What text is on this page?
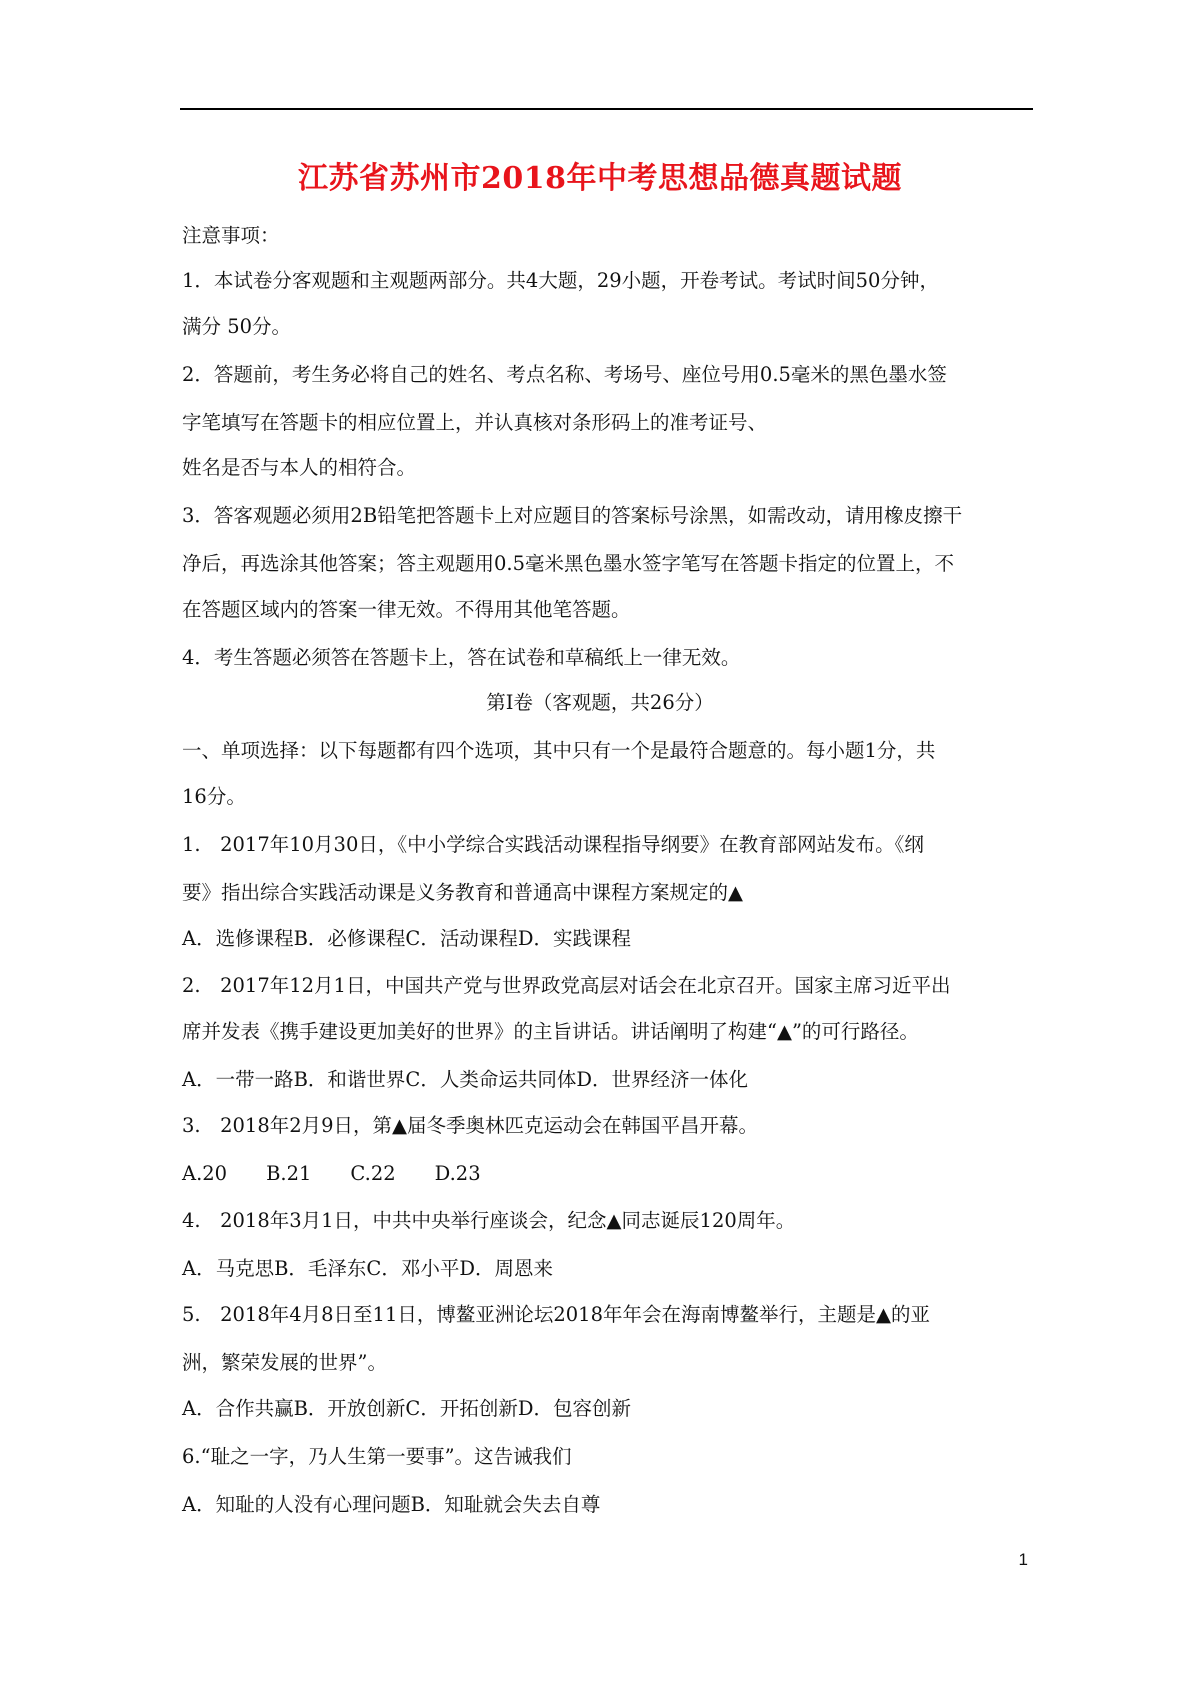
江苏省苏州市2018年中考思想品德真题试题
注意事项：
1．本试卷分客观题和主观题两部分。共4大题，29小题，开卷考试。考试时间50分钟，
满分 50分。
2．答题前，考生务必将自己的姓名、考点名称、考场号、座位号用0.5毫米的黑色墨水签
字笔填写在答题卡的相应位置上，并认真核对条形码上的准考证号、
姓名是否与本人的相符合。
3．答客观题必须用2B铅笔把答题卡上对应题目的答案标号涂黑，如需改动，请用橡皮擦干
净后，再选涂其他答案；答主观题用0.5毫米黑色墨水签字笔写在答题卡指定的位置上，不
在答题区域内的答案一律无效。不得用其他笔答题。
4．考生答题必须答在答题卡上，答在试卷和草稿纸上一律无效。
第Ⅰ卷（客观题，共26分）
一、单项选择：以下每题都有四个选项，其中只有一个是最符合题意的。每小题1分，共
16分。
1.　2017年10月30日，《中小学综合实践活动课程指导纲要》在教育部网站发布。《纲
要》指出综合实践活动课是义务教育和普通高中课程方案规定的▲
A．选修课程B．必修课程C．活动课程D．实践课程
2.　2017年12月1日，中国共产党与世界政党高层对话会在北京召开。国家主席习近平出
席并发表《携手建设更加美好的世界》的主旨讲话。讲话阐明了构建“▲”的可行路径。
A．一带一路B．和谐世界C．人类命运共同体D．世界经济一体化
3.　2018年2月9日，第▲届冬季奥林匹克运动会在韩国平昌开幕。
A.20　　B.21　　C.22　　D.23
4.　2018年3月1日，中共中央举行座谈会，纪念▲同志诞辰120周年。
A．马克思B．毛泽东C．邓小平D．周恩来
5.　2018年4月8日至11日，博鳌亚洲论坛2018年年会在海南博鳌举行，主题是▲的亚
洲，繁荣发展的世界”。
A．合作共赢B．开放创新C．开拓创新D．包容创新
6.“耻之一字，乃人生第一要事”。这告诫我们
A．知耻的人没有心理问题B．知耻就会失去自尊
1
